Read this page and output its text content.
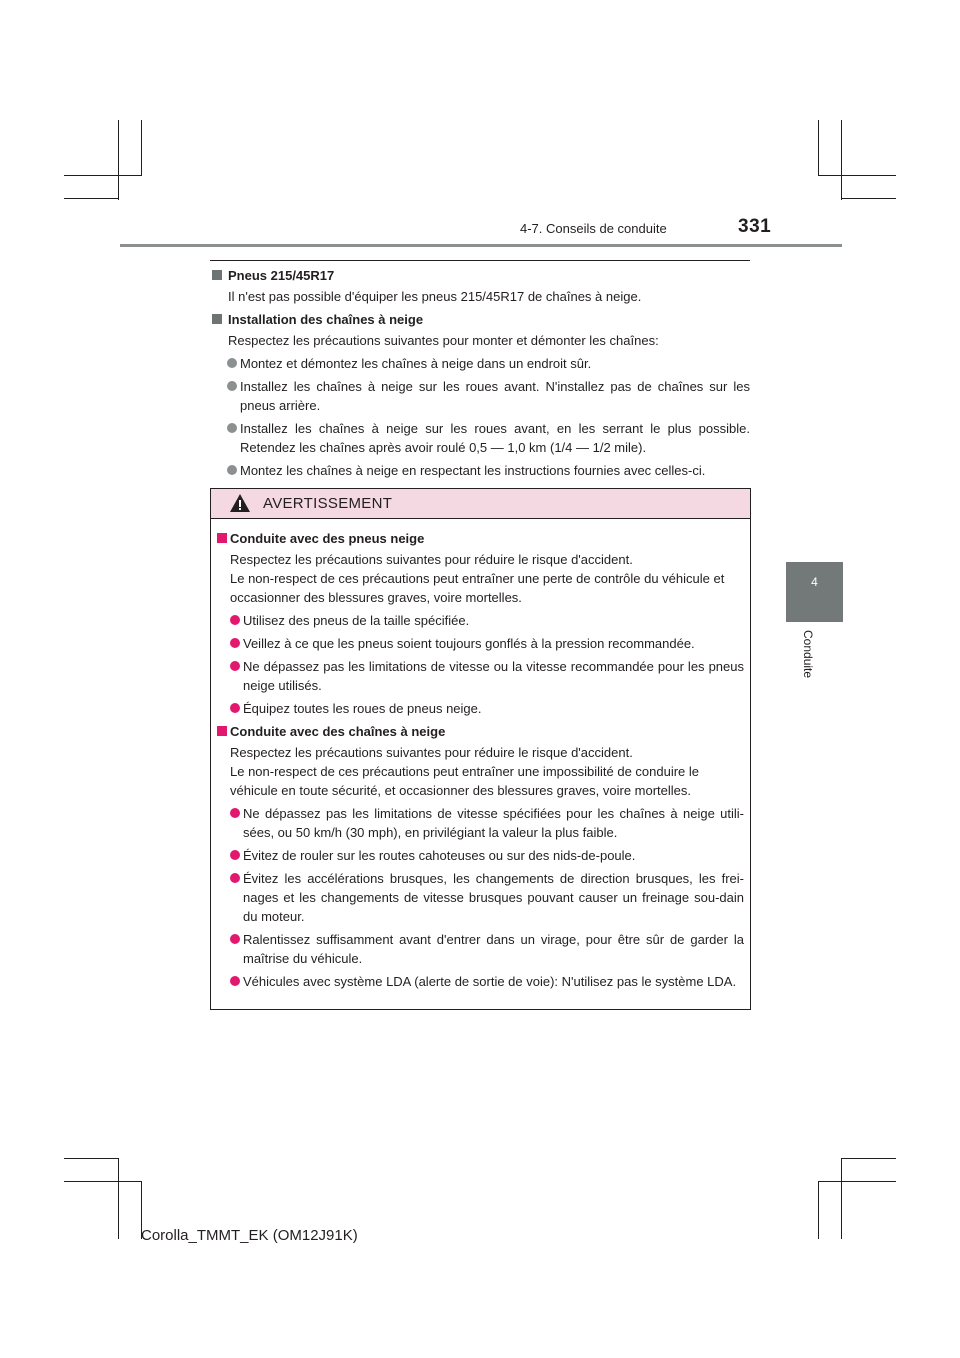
4-7. Conseils de conduite	331
4
Conduite
Pneus 215/45R17
Il n'est pas possible d'équiper les pneus 215/45R17 de chaînes à neige.
Installation des chaînes à neige
Respectez les précautions suivantes pour monter et démonter les chaînes:
Montez et démontez les chaînes à neige dans un endroit sûr.
Installez les chaînes à neige sur les roues avant. N'installez pas de chaînes sur les pneus arrière.
Installez les chaînes à neige sur les roues avant, en les serrant le plus possible. Retendez les chaînes après avoir roulé 0,5 — 1,0 km (1/4 — 1/2 mile).
Montez les chaînes à neige en respectant les instructions fournies avec celles-ci.
AVERTISSEMENT
Conduite avec des pneus neige
Respectez les précautions suivantes pour réduire le risque d'accident.
Le non-respect de ces précautions peut entraîner une perte de contrôle du véhicule et occasionner des blessures graves, voire mortelles.
Utilisez des pneus de la taille spécifiée.
Veillez à ce que les pneus soient toujours gonflés à la pression recommandée.
Ne dépassez pas les limitations de vitesse ou la vitesse recommandée pour les pneus neige utilisés.
Équipez toutes les roues de pneus neige.
Conduite avec des chaînes à neige
Respectez les précautions suivantes pour réduire le risque d'accident.
Le non-respect de ces précautions peut entraîner une impossibilité de conduire le véhicule en toute sécurité, et occasionner des blessures graves, voire mortelles.
Ne dépassez pas les limitations de vitesse spécifiées pour les chaînes à neige utili-sées, ou 50 km/h (30 mph), en privilégiant la valeur la plus faible.
Évitez de rouler sur les routes cahoteuses ou sur des nids-de-poule.
Évitez les accélérations brusques, les changements de direction brusques, les frei-nages et les changements de vitesse brusques pouvant causer un freinage sou-dain du moteur.
Ralentissez suffisamment avant d'entrer dans un virage, pour être sûr de garder la maîtrise du véhicule.
Véhicules avec système LDA (alerte de sortie de voie): N'utilisez pas le système LDA.
Corolla_TMMT_EK (OM12J91K)
